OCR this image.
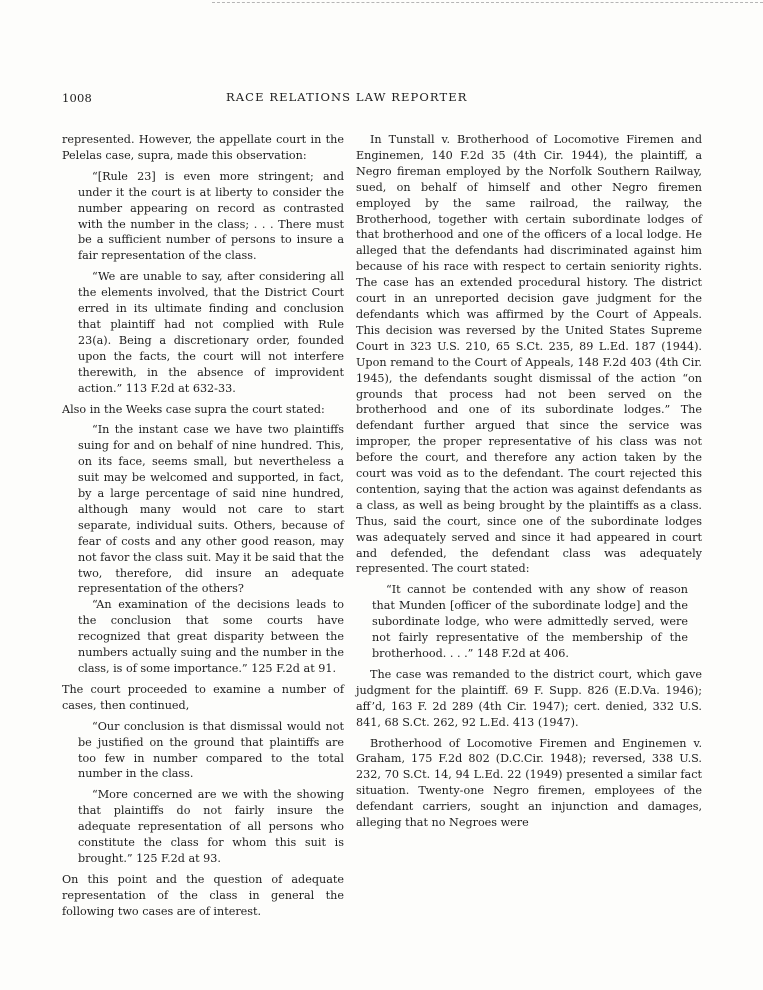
1008	RACE RELATIONS LAW REPORTER

represented. However, the appellate court in the Pelelas case, supra, made this observation:

“[Rule 23] is even more stringent; and under it the court is at liberty to consider the number appearing on record as contrasted with the number in the class; . . . There must be a sufficient number of persons to insure a fair representation of the class.

“We are unable to say, after considering all the elements involved, that the District Court erred in its ultimate finding and conclusion that plaintiff had not complied with Rule 23(a). Being a discretionary order, founded upon the facts, the court will not interfere therewith, in the absence of improvident action.” 113 F.2d at 632-33.

Also in the Weeks case supra the court stated:

“In the instant case we have two plaintiffs suing for and on behalf of nine hundred. This, on its face, seems small, but nevertheless a suit may be welcomed and supported, in fact, by a large percentage of said nine hundred, although many would not care to start separate, individual suits. Others, because of fear of costs and any other good reason, may not favor the class suit. May it be said that the two, therefore, did insure an adequate representation of the others?

“An examination of the decisions leads to the conclusion that some courts have recognized that great disparity between the numbers actually suing and the number in the class, is of some importance.” 125 F.2d at 91.

The court proceeded to examine a number of cases, then continued,

“Our conclusion is that dismissal would not be justified on the ground that plaintiffs are too few in number compared to the total number in the class.

“More concerned are we with the showing that plaintiffs do not fairly insure the adequate representation of all persons who constitute the class for whom this suit is brought.” 125 F.2d at 93.

On this point and the question of adequate representation of the class in general the following two cases are of interest.

In Tunstall v. Brotherhood of Locomotive Firemen and Enginemen, 140 F.2d 35 (4th Cir. 1944), the plaintiff, a Negro fireman employed by the Norfolk Southern Railway, sued, on behalf of himself and other Negro firemen employed by the same railroad, the railway, the Brotherhood, together with certain subordinate lodges of that brotherhood and one of the officers of a local lodge. He alleged that the defendants had discriminated against him because of his race with respect to certain seniority rights. The case has an extended procedural history. The district court in an unreported decision gave judgment for the defendants which was affirmed by the Court of Appeals. This decision was reversed by the United States Supreme Court in 323 U.S. 210, 65 S.Ct. 235, 89 L.Ed. 187 (1944). Upon remand to the Court of Appeals, 148 F.2d 403 (4th Cir. 1945), the defendants sought dismissal of the action “on grounds that process had not been served on the brotherhood and one of its subordinate lodges.” The defendant further argued that since the service was improper, the proper representative of his class was not before the court, and therefore any action taken by the court was void as to the defendant. The court rejected this contention, saying that the action was against defendants as a class, as well as being brought by the plaintiffs as a class. Thus, said the court, since one of the subordinate lodges was adequately served and since it had appeared in court and defended, the defendant class was adequately represented. The court stated:

“It cannot be contended with any show of reason that Munden [officer of the subordinate lodge] and the subordinate lodge, who were admittedly served, were not fairly representative of the membership of the brotherhood. . . .” 148 F.2d at 406.

The case was remanded to the district court, which gave judgment for the plaintiff. 69 F. Supp. 826 (E.D.Va. 1946); aff’d, 163 F. 2d 289 (4th Cir. 1947); cert. denied, 332 U.S. 841, 68 S.Ct. 262, 92 L.Ed. 413 (1947).

Brotherhood of Locomotive Firemen and Enginemen v. Graham, 175 F.2d 802 (D.C.Cir. 1948); reversed, 338 U.S. 232, 70 S.Ct. 14, 94 L.Ed. 22 (1949) presented a similar fact situation. Twenty-one Negro firemen, employees of the defendant carriers, sought an injunction and damages, alleging that no Negroes were
